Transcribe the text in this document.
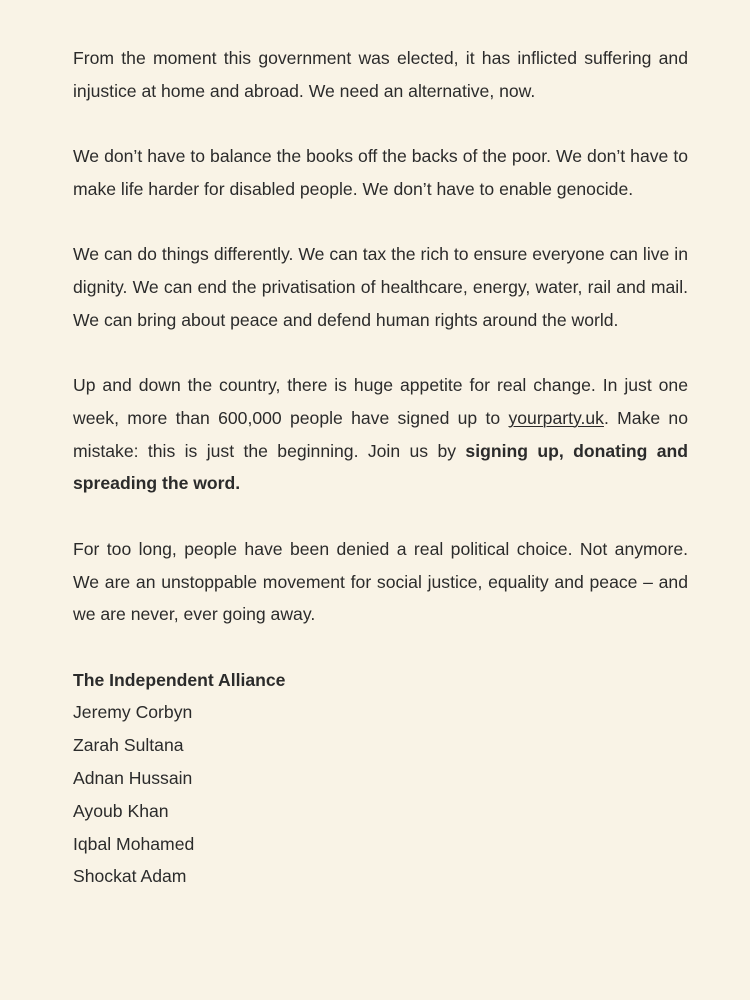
From the moment this government was elected, it has inflicted suffering and injustice at home and abroad. We need an alternative, now.

We don’t have to balance the books off the backs of the poor. We don’t have to make life harder for disabled people. We don’t have to enable genocide.

We can do things differently. We can tax the rich to ensure everyone can live in dignity. We can end the privatisation of healthcare, energy, water, rail and mail. We can bring about peace and defend human rights around the world.

Up and down the country, there is huge appetite for real change. In just one week, more than 600,000 people have signed up to yourparty.uk. Make no mistake: this is just the beginning. Join us by signing up, donating and spreading the word.

For too long, people have been denied a real political choice. Not anymore. We are an unstoppable movement for social justice, equality and peace – and we are never, ever going away.

The Independent Alliance
Jeremy Corbyn
Zarah Sultana
Adnan Hussain
Ayoub Khan
Iqbal Mohamed
Shockat Adam
